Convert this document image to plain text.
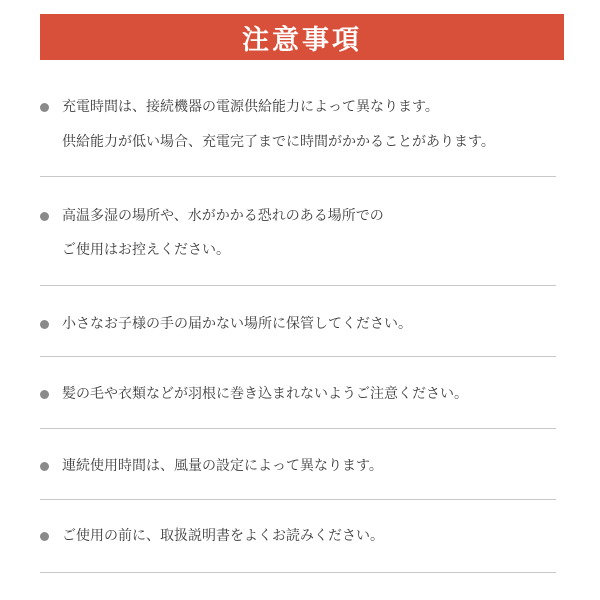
注意事項
充電時間は、接続機器の電源供給能力によって異なります。
供給能力が低い場合、充電完了までに時間がかかることがあります。
高温多湿の場所や、水がかかる恐れのある場所での
ご使用はお控えください。
小さなお子様の手の届かない場所に保管してください。
髪の毛や衣類などが羽根に巻き込まれないようご注意ください。
連続使用時間は、風量の設定によって異なります。
ご使用の前に、取扱説明書をよくお読みください。
